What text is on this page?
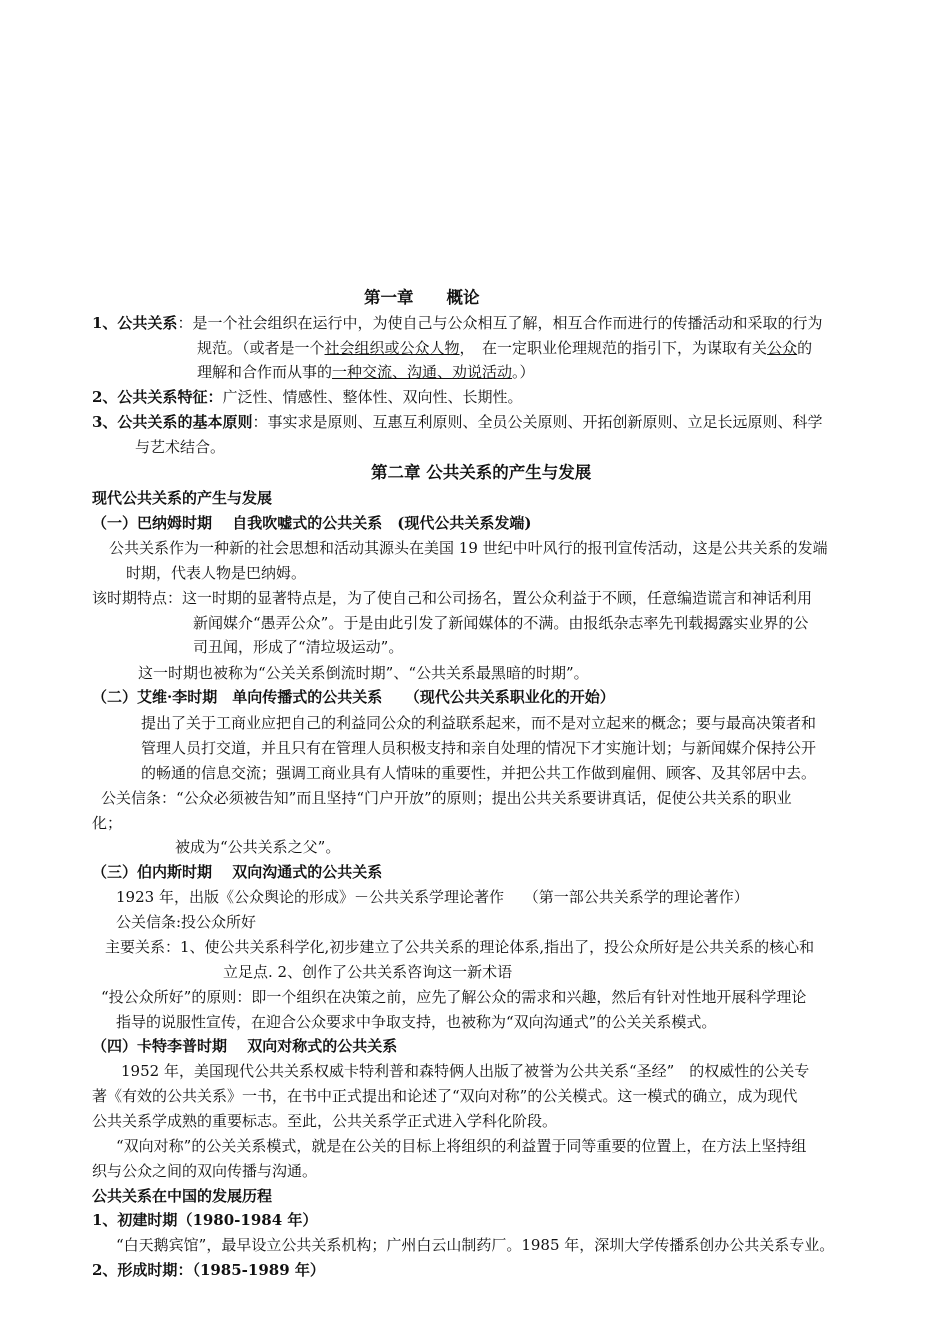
第一章　　概论
1、公共关系：是一个社会组织在运行中，为使自己与公众相互了解，相互合作而进行的传播活动和采取的行为
规范。（或者是一个社会组织或公众人物，　在一定职业伦理规范的指引下，为谋取有关公众的
理解和合作而从事的一种交流、沟通、劝说活动。）
2、公共关系特征：广泛性、情感性、整体性、双向性、长期性。
3、公共关系的基本原则：事实求是原则、互惠互利原则、全员公关原则、开拓创新原则、立足长远原则、科学
与艺术结合。
第二章 公共关系的产生与发展
现代公共关系的产生与发展
（一）巴纳姆时期　 自我吹嘘式的公共关系　(现代公共关系发端)
公共关系作为一种新的社会思想和活动其源头在美国 19 世纪中叶风行的报刊宣传活动，这是公共关系的发端
时期，代表人物是巴纳姆。
该时期特点：这一时期的显著特点是，为了使自己和公司扬名，置公众利益于不顾，任意编造谎言和神话利用
新闻媒介“愚弄公众”。于是由此引发了新闻媒体的不满。由报纸杂志率先刊载揭露实业界的公
司丑闻，形成了“清垃圾运动”。
这一时期也被称为“公关关系倒流时期”、“公共关系最黑暗的时期”。
（二）艾维·李时期　单向传播式的公共关系　　（现代公共关系职业化的开始）
提出了关于工商业应把自己的利益同公众的利益联系起来，而不是对立起来的概念；要与最高决策者和
管理人员打交道，并且只有在管理人员积极支持和亲自处理的情况下才实施计划；与新闻媒介保持公开
的畅通的信息交流；强调工商业具有人情味的重要性，并把公共工作做到雇佣、顾客、及其邻居中去。
公关信条：“公众必须被告知”而且坚持“门户开放”的原则；提出公共关系要讲真话，促使公共关系的职业
化；
被成为“公共关系之父”。
（三）伯内斯时期　 双向沟通式的公共关系
1923 年，出版《公众舆论的形成》－公共关系学理论著作　 （第一部公共关系学的理论著作）
公关信条:投公众所好
主要关系：1、使公共关系科学化,初步建立了公共关系的理论体系,指出了，投公众所好是公共关系的核心和
立足点. 2、创作了公共关系咨询这一新术语
“投公众所好”的原则：即一个组织在决策之前，应先了解公众的需求和兴趣，然后有针对性地开展科学理论
指导的说服性宣传，在迎合公众要求中争取支持，也被称为“双向沟通式”的公关关系模式。
（四）卡特李普时期　 双向对称式的公共关系
1952 年，美国现代公共关系权威卡特利普和森特俩人出版了被誉为公共关系“圣经”　的权威性的公关专
著《有效的公共关系》一书，在书中正式提出和论述了“双向对称”的公关模式。这一模式的确立，成为现代
公共关系学成熟的重要标志。至此，公共关系学正式进入学科化阶段。
“双向对称”的公关关系模式，就是在公关的目标上将组织的利益置于同等重要的位置上，在方法上坚持组
织与公众之间的双向传播与沟通。
公共关系在中国的发展历程
1、初建时期（1980-1984 年）
“白天鹅宾馆”，最早设立公共关系机构；广州白云山制药厂。1985 年，深圳大学传播系创办公共关系专业。
2、形成时期：（1985-1989 年）
